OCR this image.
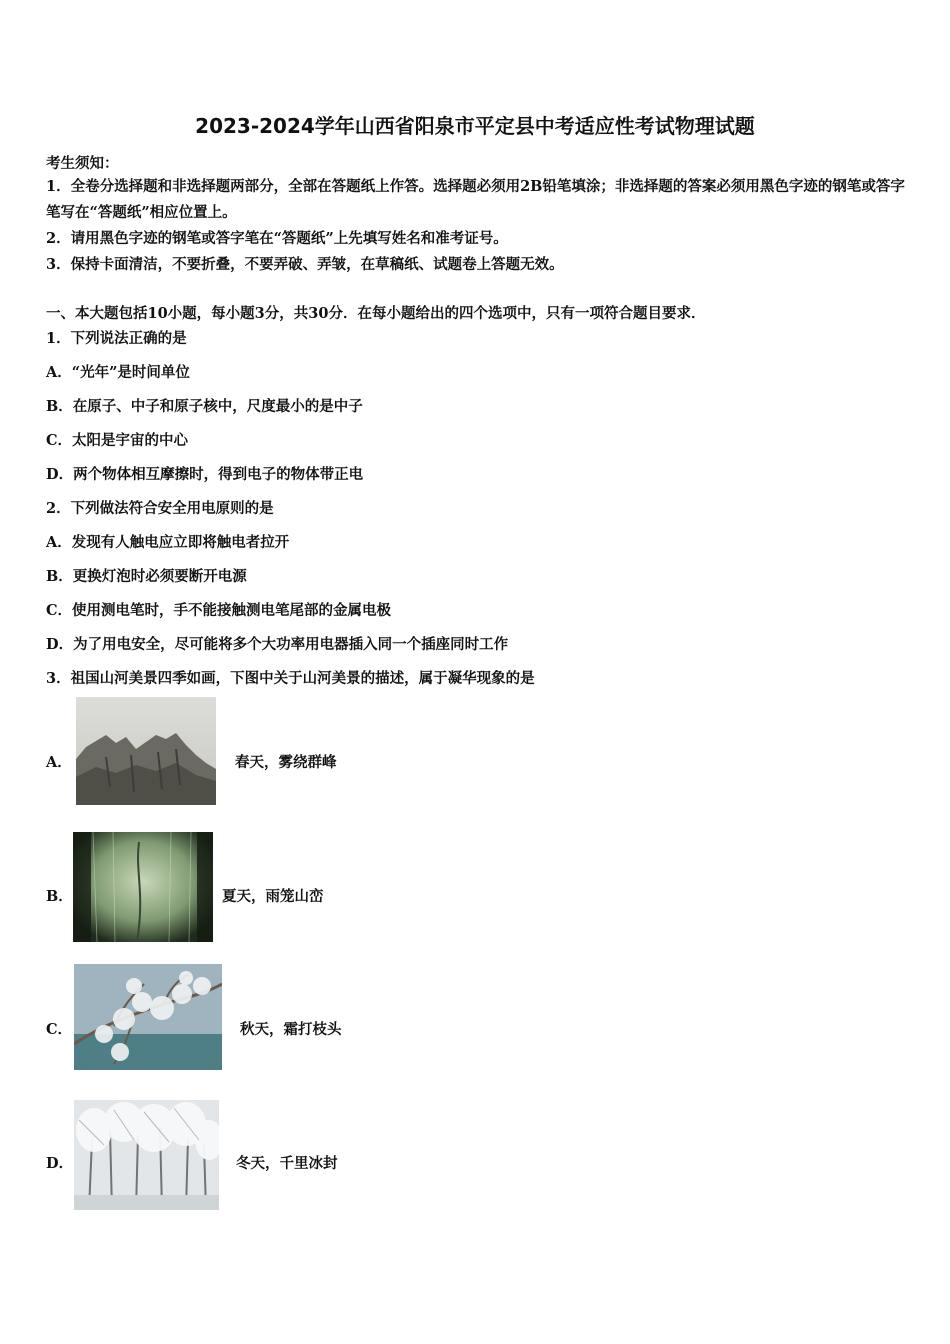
2023-2024学年山西省阳泉市平定县中考适应性考试物理试题
考生须知：
1．全卷分选择题和非选择题两部分，全部在答题纸上作答。选择题必须用2B铅笔填涂；非选择题的答案必须用黑色字迹的钢笔或答字笔写在“答题纸”相应位置上。
2．请用黑色字迹的钢笔或答字笔在“答题纸”上先填写姓名和准考证号。
3．保持卡面清洁，不要折叠，不要弄破、弄皱，在草稿纸、试题卷上答题无效。
一、本大题包括10小题，每小题3分，共30分．在每小题给出的四个选项中，只有一项符合题目要求．
1．下列说法正确的是
A．“光年”是时间单位
B．在原子、中子和原子核中，尺度最小的是中子
C．太阳是宇宙的中心
D．两个物体相互摩擦时，得到电子的物体带正电
2．下列做法符合安全用电原则的是
A．发现有人触电应立即将触电者拉开
B．更换灯泡时必须要断开电源
C．使用测电笔时，手不能接触测电笔尾部的金属电极
D．为了用电安全，尽可能将多个大功率用电器插入同一个插座同时工作
3．祖国山河美景四季如画，下图中关于山河美景的描述，属于凝华现象的是
A．	春天，雾绕群峰
B．	夏天，雨笼山峦
C．	秋天，霜打枝头
D．	冬天，千里冰封
